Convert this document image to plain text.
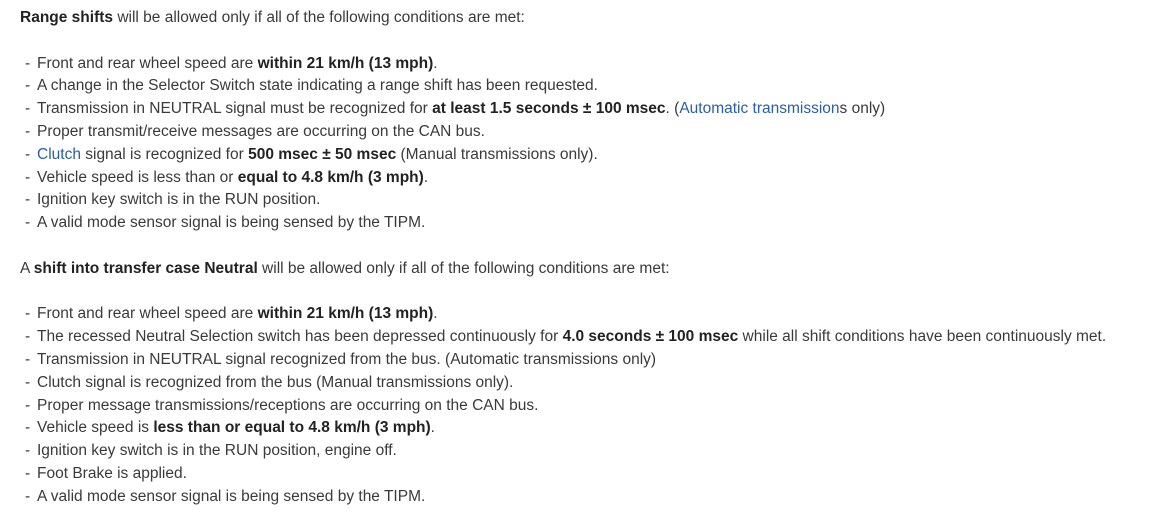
Range shifts will be allowed only if all of the following conditions are met:

- Front and rear wheel speed are within 21 km/h (13 mph).
- A change in the Selector Switch state indicating a range shift has been requested.
- Transmission in NEUTRAL signal must be recognized for at least 1.5 seconds ± 100 msec. (Automatic transmissions only)
- Proper transmit/receive messages are occurring on the CAN bus.
- Clutch signal is recognized for 500 msec ± 50 msec (Manual transmissions only).
- Vehicle speed is less than or equal to 4.8 km/h (3 mph).
- Ignition key switch is in the RUN position.
- A valid mode sensor signal is being sensed by the TIPM.

A shift into transfer case Neutral will be allowed only if all of the following conditions are met:

- Front and rear wheel speed are within 21 km/h (13 mph).
- The recessed Neutral Selection switch has been depressed continuously for 4.0 seconds ± 100 msec while all shift conditions have been continuously met.
- Transmission in NEUTRAL signal recognized from the bus. (Automatic transmissions only)
- Clutch signal is recognized from the bus (Manual transmissions only).
- Proper message transmissions/receptions are occurring on the CAN bus.
- Vehicle speed is less than or equal to 4.8 km/h (3 mph).
- Ignition key switch is in the RUN position, engine off.
- Foot Brake is applied.
- A valid mode sensor signal is being sensed by the TIPM.
